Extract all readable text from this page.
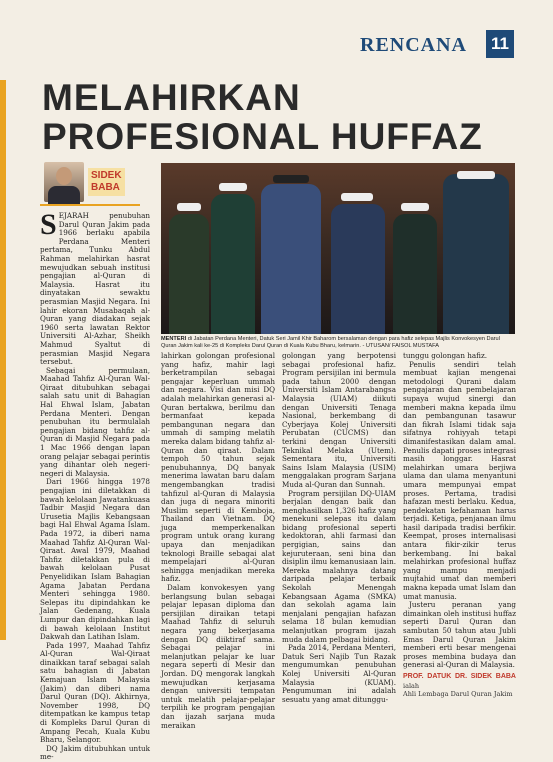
RENCANA 11
MELAHIRKAN
PROFESIONAL HUFFAZ
SIDEK
BABA
MENTERI di Jabatan Perdana Menteri, Datuk Seri Jamil Khir Baharom bersalaman dengan para hafiz selepas Majlis Konvokesyen Darul Quran Jakim kali ke-25 di Kompleks Darul Quran di Kuala Kubu Bharu, kelmarin. - UTUSAN/ FAISOL MUSTAFA

SEJARAH penubuhan Darul Quran Jakim pada 1966 berlaku apabila Perdana Menteri pertama, Tunku Abdul Rahman melahirkan hasrat mewujudkan sebuah institusi pengajian al-Quran di Malaysia. Hasrat itu dinyatakan sewaktu perasmian Masjid Negara. Ini lahir ekoran Musabaqah al-Quran yang diadakan sejak 1960 serta lawatan Rektor Universiti Al-Azhar, Sheikh Mahmud Syaltut di perasmian Masjid Negara tersebut.

Sebagai permulaan, Maahad Tahfiz Al-Quran Wal-Qiraat ditubuhkan sebagai salah satu unit di Bahagian Hal Ehwal Islam, Jabatan Perdana Menteri. Dengan penubuhan itu bermulalah pengajian bidang tahfiz al-Quran di Masjid Negara pada 1 Mac 1966 dengan lapan orang pelajar sebagai perintis yang dihantar oleh negeri-negeri di Malaysia.

Dari 1966 hingga 1978 pengajian ini diletakkan di bawah kelolaan Jawatankuasa Tadbir Masjid Negara dan Urusetia Majlis Kebangsaan bagi Hal Ehwal Agama Islam. Pada 1972, ia diberi nama Maahad Tahfiz Al-Quran Wal-Qiraat. Awal 1979, Maahad Tahfiz diletakkan pula di bawah kelolaan Pusat Penyelidikan Islam Bahagian Agama Jabatan Perdana Menteri sehingga 1980. Selepas itu dipindahkan ke Jalan Gedenang, Kuala Lumpur dan dipindahkan lagi di bawah kelolaan Institut Dakwah dan Latihan Islam.

Pada 1997, Maahad Tahfiz Al-Quran Wal-Qiraat dinaikkan taraf sebagai salah satu bahagian di Jabatan Kemajuan Islam Malaysia (Jakim) dan diberi nama Darul Quran (DQ). Akhirnya, November 1998, DQ ditempatkan ke kampus tetap di Kompleks Darul Quran di Ampang Pecah, Kuala Kubu Bharu, Selangor.

DQ Jakim ditubuhkan untuk me-

lahirkan golongan profesional yang hafiz, mahir lagi berketrampilan sebagai pengajar keperluan ummah dan negara. Visi dan misi DQ adalah melahirkan generasi al-Quran bertakwa, berilmu dan bermanfaat kepada pembangunan negara dan ummah di samping melatih mereka dalam bidang tahfiz al-Quran dan qiraat. Dalam tempoh 50 tahun sejak penubuhannya, DQ banyak menerima lawatan baru dalam mengembangkan tradisi tahfizul al-Quran di Malaysia dan juga di negara minoriti Muslim seperti di Kemboja, Thailand dan Vietnam. DQ juga memperkenalkan program untuk orang kurang upaya dan menjadikan teknologi Braille sebagai alat mempelajari al-Quran sehingga menjadikan mereka hafiz.

Dalam konvokesyen yang berlangsung bulan sebagai pelajar lepasan diploma dan persijilan diraikan tetapi Maahad Tahfiz di seluruh negara yang bekerjasama dengan DQ diiktiraf sama. Sebagai pelajar ini melanjutkan pelajar ke luar negara seperti di Mesir dan Jordan. DQ mengorak langkah mewujudkan kerjasama dengan universiti tempatan untuk melatih pelajar-pelajar terpilih ke program pengajian dan ijazah sarjana muda meraikan

golongan yang berpotensi sebagai profesional hafiz. Program persijilan ini bermula pada tahun 2000 dengan Universiti Islam Antarabangsa Malaysia (UIAM) diikuti dengan Universiti Tenaga Nasional, berkembang di Cyberjaya Kolej Universiti Perubatan (CUCMS) dan terkini dengan Universiti Teknikal Melaka (Utem). Sementara itu, Universiti Sains Islam Malaysia (USIM) menggalakan program Sarjana Muda al-Quran dan Sunnah.

Program persijilan DQ-UIAM berjalan dengan baik dan menghasilkan 1,326 hafiz yang menekuni selepas itu dalam bidang profesional seperti kedoktoran, ahli farmasi dan pergigian, sains dan kejuruteraan, seni bina dan disiplin ilmu kemanusiaan lain. Mereka malahnya datang daripada pelajar terbaik Sekolah Menengah Kebangsaan Agama (SMKA) dan sekolah agama lain menjalani pengajian hafazan selama 18 bulan kemudian melanjutkan program ijazah muda dalam pelbagai bidang.

Pada 2014, Perdana Menteri, Datuk Seri Najib Tun Razak mengumumkan penubuhan Kolej Universiti Al-Quran Malaysia (KUAM). Pengumuman ini adalah sesuatu yang amat ditunggu-

tunggu golongan hafiz.

Penulis sendiri telah membuat kajian mengenai metodologi Qurani dalam pengajaran dan pembelajaran supaya wujud sinergi dan memberi makna kepada ilmu dan pembangunan tasawur dan fikrah Islami tidak saja sifatnya rohiyyah tetapi dimanifestasikan dalam amal. Penulis dapati proses integrasi masih longgar. Hasrat melahirkan umara berjiwa ulama dan ulama menyantuni umara mempunyai empat proses. Pertama, tradisi hafazan mesti berlaku. Kedua, pendekatan kefahaman harus terjadi. Ketiga, penjanaan ilmu hasil daripada tradisi berfikir. Keempat, proses internalisasi antara fikir-zikir terus berkembang. Ini bakal melahirkan profesional huffaz yang mampu menjadi mujtahid umat dan memberi makna kepada umat Islam dan umat manusia.

Justeru peranan yang dimainkan oleh institusi huffaz seperti Darul Quran dan sambutan 50 tahun atau Jubli Emas Darul Quran Jakim memberi erti besar mengenai proses membina budaya dan generasi al-Quran di Malaysia.

PROF. DATUK DR. SIDEK BABA ialah

Ahli Lembaga Darul Quran Jakim
